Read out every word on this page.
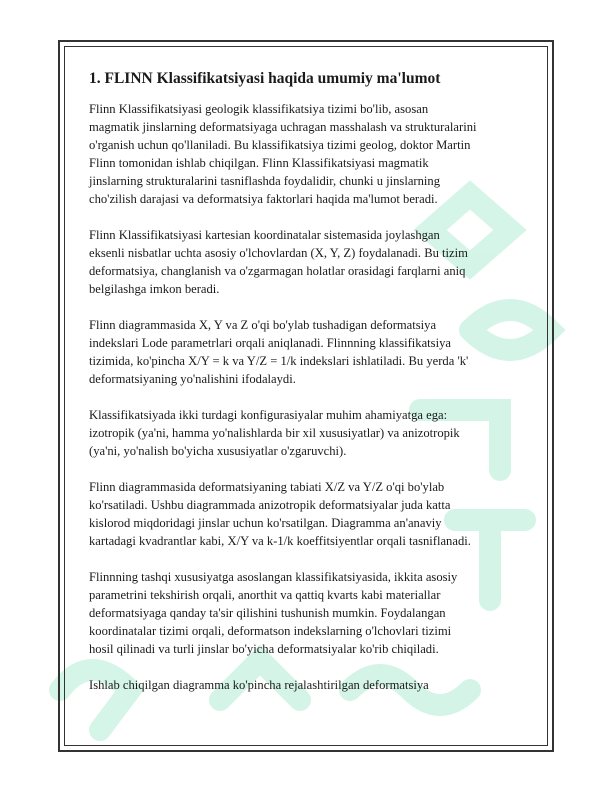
1. FLINN Klassifikatsiyasi haqida umumiy ma'lumot

Flinn Klassifikatsiyasi geologik klassifikatsiya tizimi bo'lib, asosan
magmatik jinslarning deformatsiyaga uchragan masshalash va strukturalarini
o'rganish uchun qo'llaniladi. Bu klassifikatsiya tizimi geolog, doktor Martin
Flinn tomonidan ishlab chiqilgan. Flinn Klassifikatsiyasi magmatik
jinslarning strukturalarini tasniflashda foydalidir, chunki u jinslarning
cho'zilish darajasi va deformatsiya faktorlari haqida ma'lumot beradi.

Flinn Klassifikatsiyasi kartesian koordinatalar sistemasida joylashgan
eksenli nisbatlar uchta asosiy o'lchovlardan (X, Y, Z) foydalanadi. Bu tizim
deformatsiya, changlanish va o'zgarmagan holatlar orasidagi farqlarni aniq
belgilashga imkon beradi.

Flinn diagrammasida X, Y va Z o'qi bo'ylab tushadigan deformatsiya
indekslari Lode parametrlari orqali aniqlanadi. Flinnning klassifikatsiya
tizimida, ko'pincha X/Y = k va Y/Z = 1/k indekslari ishlatiladi. Bu yerda 'k'
deformatsiyaning yo'nalishini ifodalaydi.

Klassifikatsiyada ikki turdagi konfigurasiyalar muhim ahamiyatga ega:
izotropik (ya'ni, hamma yo'nalishlarda bir xil xususiyatlar) va anizotropik
(ya'ni, yo'nalish bo'yicha xususiyatlar o'zgaruvchi).

Flinn diagrammasida deformatsiyaning tabiati X/Z va Y/Z o'qi bo'ylab
ko'rsatiladi. Ushbu diagrammada anizotropik deformatsiyalar juda katta
kislorod miqdoridagi jinslar uchun ko'rsatilgan. Diagramma an'anaviy
kartadagi kvadrantlar kabi, X/Y va k-1/k koeffitsiyentlar orqali tasniflanadi.

Flinnning tashqi xususiyatga asoslangan klassifikatsiyasida, ikkita asosiy
parametrini tekshirish orqali, anorthit va qattiq kvarts kabi materiallar
deformatsiyaga qanday ta'sir qilishini tushunish mumkin. Foydalangan
koordinatalar tizimi orqali, deformatson indekslarning o'lchovlari tizimi
hosil qilinadi va turli jinslar bo'yicha deformatsiyalar ko'rib chiqiladi.

Ishlab chiqilgan diagramma ko'pincha rejalashtirilgan deformatsiya
